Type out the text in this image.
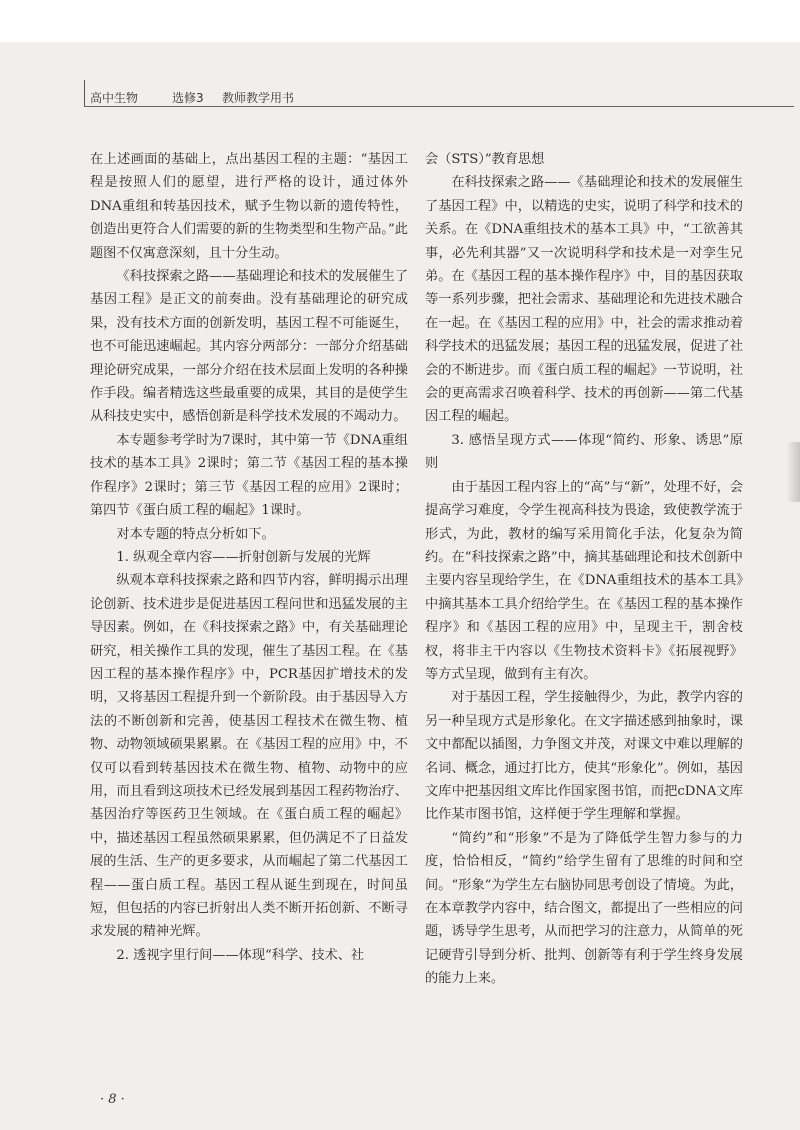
高中生物	选修3 教师教学用书

在上述画面的基础上，点出基因工程的主题：“基因工程是按照人们的愿望，进行严格的设计，通过体外DNA重组和转基因技术，赋予生物以新的遗传特性，创造出更符合人们需要的新的生物类型和生物产品。”此题图不仅寓意深刻，且十分生动。

《科技探索之路——基础理论和技术的发展催生了基因工程》是正文的前奏曲。没有基础理论的研究成果，没有技术方面的创新发明，基因工程不可能诞生，也不可能迅速崛起。其内容分两部分：一部分介绍基础理论研究成果，一部分介绍在技术层面上发明的各种操作手段。编者精选这些最重要的成果，其目的是使学生从科技史实中，感悟创新是科学技术发展的不竭动力。

本专题参考学时为7课时，其中第一节《DNA重组技术的基本工具》2课时；第二节《基因工程的基本操作程序》2课时；第三节《基因工程的应用》2课时；第四节《蛋白质工程的崛起》1课时。

对本专题的特点分析如下。

1. 纵观全章内容——折射创新与发展的光辉

纵观本章科技探索之路和四节内容，鲜明揭示出理论创新、技术进步是促进基因工程问世和迅猛发展的主导因素。例如，在《科技探索之路》中，有关基础理论研究，相关操作工具的发现，催生了基因工程。在《基因工程的基本操作程序》中，PCR基因扩增技术的发明，又将基因工程提升到一个新阶段。由于基因导入方法的不断创新和完善，使基因工程技术在微生物、植物、动物领域硕果累累。在《基因工程的应用》中，不仅可以看到转基因技术在微生物、植物、动物中的应用，而且看到这项技术已经发展到基因工程药物治疗、基因治疗等医药卫生领域。在《蛋白质工程的崛起》中，描述基因工程虽然硕果累累，但仍满足不了日益发展的生活、生产的更多要求，从而崛起了第二代基因工程——蛋白质工程。基因工程从诞生到现在，时间虽短，但包括的内容已折射出人类不断开拓创新、不断寻求发展的精神光辉。

2. 透视字里行间——体现“科学、技术、社

会（STS）”教育思想

在科技探索之路——《基础理论和技术的发展催生了基因工程》中，以精选的史实，说明了科学和技术的关系。在《DNA重组技术的基本工具》中，“工欲善其事，必先利其器”又一次说明科学和技术是一对孪生兄弟。在《基因工程的基本操作程序》中，目的基因获取等一系列步骤，把社会需求、基础理论和先进技术融合在一起。在《基因工程的应用》中，社会的需求推动着科学技术的迅猛发展；基因工程的迅猛发展，促进了社会的不断进步。而《蛋白质工程的崛起》一节说明，社会的更高需求召唤着科学、技术的再创新——第二代基因工程的崛起。

3. 感悟呈现方式——体现“简约、形象、诱思”原则

由于基因工程内容上的“高”与“新”，处理不好，会提高学习难度，令学生视高科技为畏途，致使教学流于形式，为此，教材的编写采用简化手法，化复杂为简约。在“科技探索之路”中，摘其基础理论和技术创新中主要内容呈现给学生，在《DNA重组技术的基本工具》中摘其基本工具介绍给学生。在《基因工程的基本操作程序》和《基因工程的应用》中，呈现主干，割舍枝杈，将非主干内容以《生物技术资料卡》《拓展视野》等方式呈现，做到有主有次。

对于基因工程，学生接触得少，为此，教学内容的另一种呈现方式是形象化。在文字描述感到抽象时，课文中都配以插图，力争图文并茂，对课文中难以理解的名词、概念，通过打比方，使其“形象化”。例如，基因文库中把基因组文库比作国家图书馆，而把cDNA文库比作某市图书馆，这样便于学生理解和掌握。

“简约”和“形象”不是为了降低学生智力参与的力度，恰恰相反，“简约”给学生留有了思维的时间和空间。“形象”为学生左右脑协同思考创设了情境。为此，在本章教学内容中，结合图文，都提出了一些相应的问题，诱导学生思考，从而把学习的注意力，从简单的死记硬背引导到分析、批判、创新等有利于学生终身发展的能力上来。

· 8 ·
